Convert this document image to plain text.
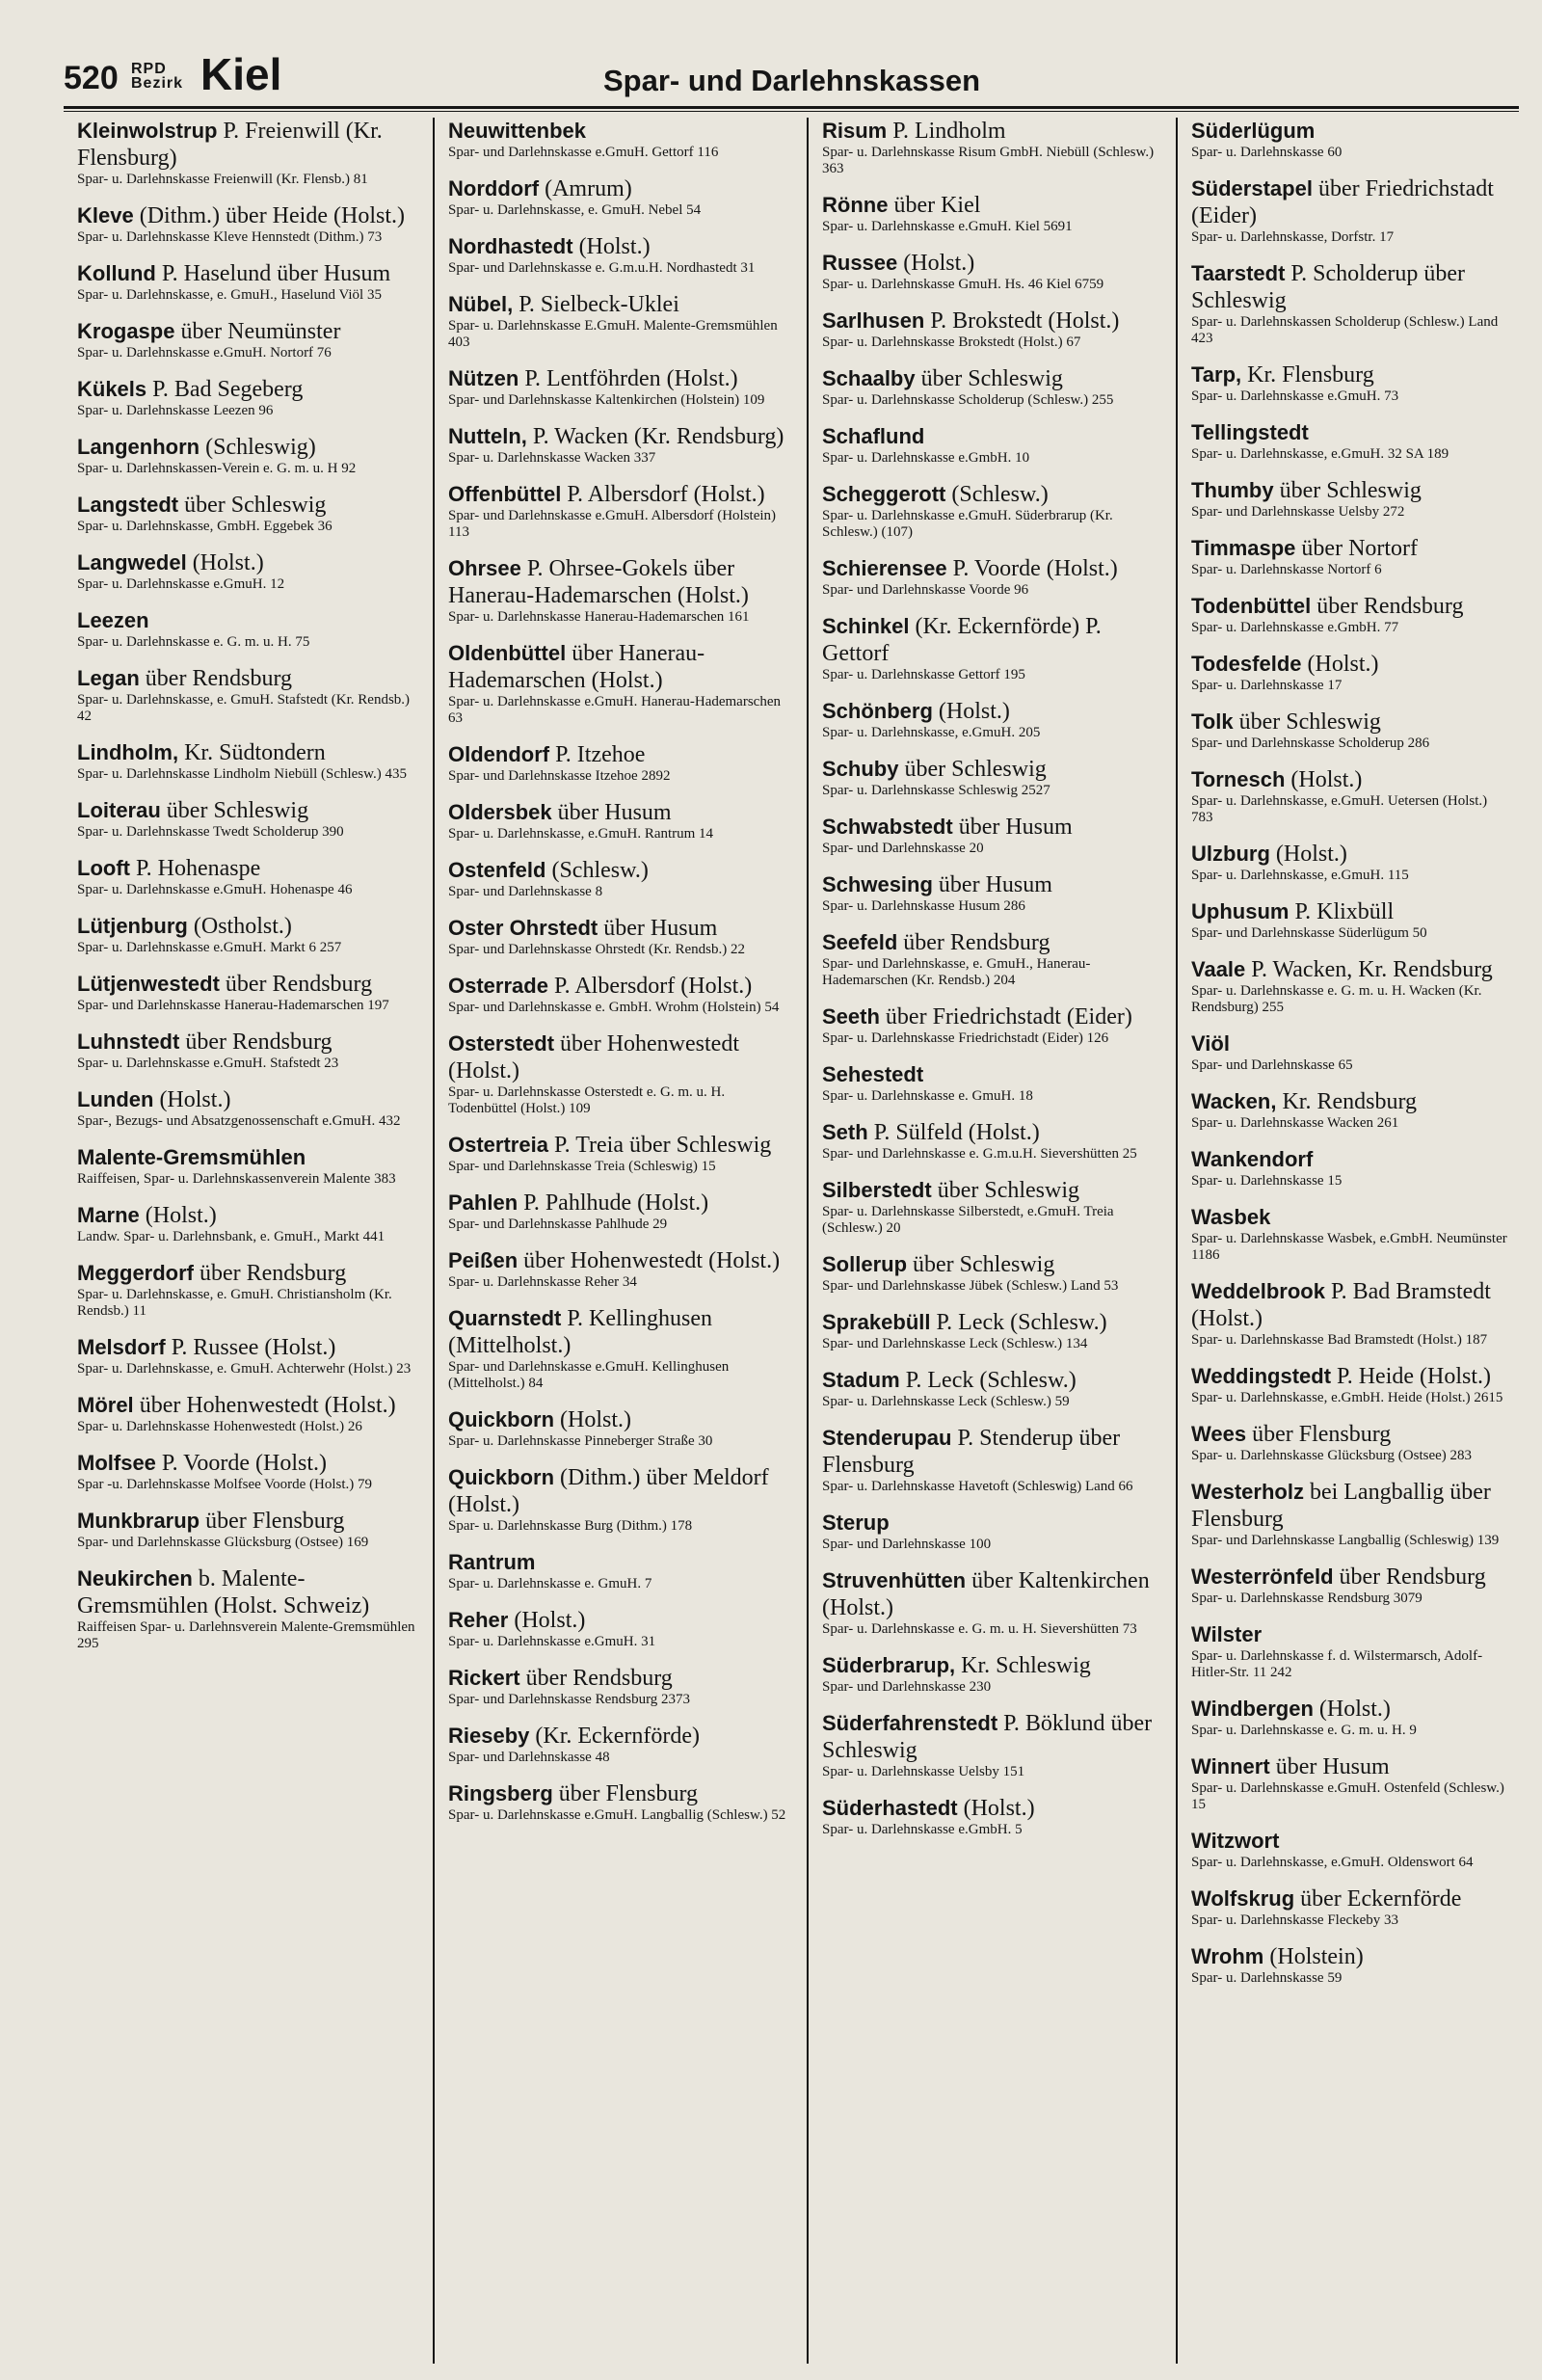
520 RPD
Bezirk Kiel	Spar- und Darlehnskassen
Kleinwolstrup P. Freienwill (Kr. Flensburg)
Spar- u. Darlehnskasse Freienwill (Kr. Flensb.) 81
Kleve (Dithm.) über Heide (Holst.)
Spar- u. Darlehnskasse Kleve Hennstedt (Dithm.) 73
Kollund P. Haselund über Husum
Spar- u. Darlehnskasse, e. GmuH., Haselund Viöl 35
Krogaspe über Neumünster
Spar- u. Darlehnskasse e.GmuH. Nortorf 76
Kükels P. Bad Segeberg
Spar- u. Darlehnskasse Leezen 96
Langenhorn (Schleswig)
Spar- u. Darlehnskassen-Verein e. G. m. u. H 92
Langstedt über Schleswig
Spar- u. Darlehnskasse, GmbH. Eggebek 36
Langwedel (Holst.)
Spar- u. Darlehnskasse e.GmuH. 12
Leezen
Spar- u. Darlehnskasse e. G. m. u. H. 75
Legan über Rendsburg
Spar- u. Darlehnskasse, e. GmuH. Stafstedt (Kr. Rendsb.) 42
Lindholm, Kr. Südtondern
Spar- u. Darlehnskasse Lindholm Niebüll (Schlesw.) 435
Loiterau über Schleswig
Spar- u. Darlehnskasse Twedt Scholderup 390
Looft P. Hohenaspe
Spar- u. Darlehnskasse e.GmuH. Hohenaspe 46
Lütjenburg (Ostholst.)
Spar- u. Darlehnskasse e.GmuH. Markt 6 257
Lütjenwestedt über Rendsburg
Spar- und Darlehnskasse Hanerau-Hademarschen 197
Luhnstedt über Rendsburg
Spar- u. Darlehnskasse e.GmuH. Stafstedt 23
Lunden (Holst.)
Spar-, Bezugs- und Absatzgenossenschaft e.GmuH. 432
Malente-Gremsmühlen
Raiffeisen, Spar- u. Darlehnskassenverein Malente 383
Marne (Holst.)
Landw. Spar- u. Darlehnsbank, e. GmuH., Markt 441
Meggerdorf über Rendsburg
Spar- u. Darlehnskasse, e. GmuH. Christiansholm (Kr. Rendsb.) 11
Melsdorf P. Russee (Holst.)
Spar- u. Darlehnskasse, e. GmuH. Achterwehr (Holst.) 23
Mörel über Hohenwestedt (Holst.)
Spar- u. Darlehnskasse Hohenwestedt (Holst.) 26
Molfsee P. Voorde (Holst.)
Spar -u. Darlehnskasse Molfsee Voorde (Holst.) 79
Munkbrarup über Flensburg
Spar- und Darlehnskasse Glücksburg (Ostsee) 169
Neukirchen b. Malente-Gremsmühlen (Holst. Schweiz)
Raiffeisen Spar- u. Darlehnsverein Malente-Gremsmühlen 295
Neuwittenbek
Spar- und Darlehnskasse e.GmuH. Gettorf 116
Norddorf (Amrum)
Spar- u. Darlehnskasse, e. GmuH. Nebel 54
Nordhastedt (Holst.)
Spar- und Darlehnskasse e. G.m.u.H. Nordhastedt 31
Nübel, P. Sielbeck-Uklei
Spar- u. Darlehnskasse E.GmuH. Malente-Gremsmühlen 403
Nützen P. Lentföhrden (Holst.)
Spar- und Darlehnskasse Kaltenkirchen (Holstein) 109
Nutteln, P. Wacken (Kr. Rendsburg)
Spar- u. Darlehnskasse Wacken 337
Offenbüttel P. Albersdorf (Holst.)
Spar- und Darlehnskasse e.GmuH. Albersdorf (Holstein) 113
Ohrsee P. Ohrsee-Gokels über Hanerau-Hademarschen (Holst.)
Spar- u. Darlehnskasse Hanerau-Hademarschen 161
Oldenbüttel über Hanerau-Hademarschen (Holst.)
Spar- u. Darlehnskasse e.GmuH. Hanerau-Hademarschen 63
Oldendorf P. Itzehoe
Spar- und Darlehnskasse Itzehoe 2892
Oldersbek über Husum
Spar- u. Darlehnskasse, e.GmuH. Rantrum 14
Ostenfeld (Schlesw.)
Spar- und Darlehnskasse 8
Oster Ohrstedt über Husum
Spar- und Darlehnskasse Ohrstedt (Kr. Rendsb.) 22
Osterrade P. Albersdorf (Holst.)
Spar- und Darlehnskasse e. GmbH. Wrohm (Holstein) 54
Osterstedt über Hohenwestedt (Holst.)
Spar- u. Darlehnskasse Osterstedt e. G. m. u. H. Todenbüttel (Holst.) 109
Ostertreia P. Treia über Schleswig
Spar- und Darlehnskasse Treia (Schleswig) 15
Pahlen P. Pahlhude (Holst.)
Spar- und Darlehnskasse Pahlhude 29
Peißen über Hohenwestedt (Holst.)
Spar- u. Darlehnskasse Reher 34
Quarnstedt P. Kellinghusen (Mittelholst.)
Spar- und Darlehnskasse e.GmuH. Kellinghusen (Mittelholst.) 84
Quickborn (Holst.)
Spar- u. Darlehnskasse Pinneberger Straße 30
Quickborn (Dithm.) über Meldorf (Holst.)
Spar- u. Darlehnskasse Burg (Dithm.) 178
Rantrum
Spar- u. Darlehnskasse e. GmuH. 7
Reher (Holst.)
Spar- u. Darlehnskasse e.GmuH. 31
Rickert über Rendsburg
Spar- und Darlehnskasse Rendsburg 2373
Rieseby (Kr. Eckernförde)
Spar- und Darlehnskasse 48
Ringsberg über Flensburg
Spar- u. Darlehnskasse e.GmuH. Langballig (Schlesw.) 52
Risum P. Lindholm
Spar- u. Darlehnskasse Risum GmbH. Niebüll (Schlesw.) 363
Rönne über Kiel
Spar- u. Darlehnskasse e.GmuH. Kiel 5691
Russee (Holst.)
Spar- u. Darlehnskasse GmuH. Hs. 46 Kiel 6759
Sarlhusen P. Brokstedt (Holst.)
Spar- u. Darlehnskasse Brokstedt (Holst.) 67
Schaalby über Schleswig
Spar- u. Darlehnskasse Scholderup (Schlesw.) 255
Schaflund
Spar- u. Darlehnskasse e.GmbH. 10
Scheggerott (Schlesw.)
Spar- u. Darlehnskasse e.GmuH. Süderbrarup (Kr. Schlesw.) (107)
Schierensee P. Voorde (Holst.)
Spar- und Darlehnskasse Voorde 96
Schinkel (Kr. Eckernförde) P. Gettorf
Spar- u. Darlehnskasse Gettorf 195
Schönberg (Holst.)
Spar- u. Darlehnskasse, e.GmuH. 205
Schuby über Schleswig
Spar- u. Darlehnskasse Schleswig 2527
Schwabstedt über Husum
Spar- und Darlehnskasse 20
Schwesing über Husum
Spar- u. Darlehnskasse Husum 286
Seefeld über Rendsburg
Spar- und Darlehnskasse, e. GmuH., Hanerau-Hademarschen (Kr. Rendsb.) 204
Seeth über Friedrichstadt (Eider)
Spar- u. Darlehnskasse Friedrichstadt (Eider) 126
Sehestedt
Spar- u. Darlehnskasse e. GmuH. 18
Seth P. Sülfeld (Holst.)
Spar- und Darlehnskasse e. G.m.u.H. Sievershütten 25
Silberstedt über Schleswig
Spar- u. Darlehnskasse Silberstedt, e.GmuH. Treia (Schlesw.) 20
Sollerup über Schleswig
Spar- und Darlehnskasse Jübek (Schlesw.) Land 53
Sprakebüll P. Leck (Schlesw.)
Spar- und Darlehnskasse Leck (Schlesw.) 134
Stadum P. Leck (Schlesw.)
Spar- u. Darlehnskasse Leck (Schlesw.) 59
Stenderupau P. Stenderup über Flensburg
Spar- u. Darlehnskasse Havetoft (Schleswig) Land 66
Sterup
Spar- und Darlehnskasse 100
Struvenhütten über Kaltenkirchen (Holst.)
Spar- u. Darlehnskasse e. G. m. u. H. Sievershütten 73
Süderbrarup, Kr. Schleswig
Spar- und Darlehnskasse 230
Süderfahrenstedt P. Böklund über Schleswig
Spar- u. Darlehnskasse Uelsby 151
Süderhastedt (Holst.)
Spar- u. Darlehnskasse e.GmbH. 5
Süderlügum
Spar- u. Darlehnskasse 60
Süderstapel über Friedrichstadt (Eider)
Spar- u. Darlehnskasse, Dorfstr. 17
Taarstedt P. Scholderup über Schleswig
Spar- u. Darlehnskassen Scholderup (Schlesw.) Land 423
Tarp, Kr. Flensburg
Spar- u. Darlehnskasse e.GmuH. 73
Tellingstedt
Spar- u. Darlehnskasse, e.GmuH. 32 SA 189
Thumby über Schleswig
Spar- und Darlehnskasse Uelsby 272
Timmaspe über Nortorf
Spar- u. Darlehnskasse Nortorf 6
Todenbüttel über Rendsburg
Spar- u. Darlehnskasse e.GmbH. 77
Todesfelde (Holst.)
Spar- u. Darlehnskasse 17
Tolk über Schleswig
Spar- und Darlehnskasse Scholderup 286
Tornesch (Holst.)
Spar- u. Darlehnskasse, e.GmuH. Uetersen (Holst.) 783
Ulzburg (Holst.)
Spar- u. Darlehnskasse, e.GmuH. 115
Uphusum P. Klixbüll
Spar- und Darlehnskasse Süderlügum 50
Vaale P. Wacken, Kr. Rendsburg
Spar- u. Darlehnskasse e. G. m. u. H. Wacken (Kr. Rendsburg) 255
Viöl
Spar- und Darlehnskasse 65
Wacken, Kr. Rendsburg
Spar- u. Darlehnskasse Wacken 261
Wankendorf
Spar- u. Darlehnskasse 15
Wasbek
Spar- u. Darlehnskasse Wasbek, e.GmbH. Neumünster 1186
Weddelbrook P. Bad Bramstedt (Holst.)
Spar- u. Darlehnskasse Bad Bramstedt (Holst.) 187
Weddingstedt P. Heide (Holst.)
Spar- u. Darlehnskasse, e.GmbH. Heide (Holst.) 2615
Wees über Flensburg
Spar- u. Darlehnskasse Glücksburg (Ostsee) 283
Westerholz bei Langballig über Flensburg
Spar- und Darlehnskasse Langballig (Schleswig) 139
Westerrönfeld über Rendsburg
Spar- u. Darlehnskasse Rendsburg 3079
Wilster
Spar- u. Darlehnskasse f. d. Wilstermarsch, Adolf-Hitler-Str. 11 242
Windbergen (Holst.)
Spar- u. Darlehnskasse e. G. m. u. H. 9
Winnert über Husum
Spar- u. Darlehnskasse e.GmuH. Ostenfeld (Schlesw.) 15
Witzwort
Spar- u. Darlehnskasse, e.GmuH. Oldenswort 64
Wolfskrug über Eckernförde
Spar- u. Darlehnskasse Fleckeby 33
Wrohm (Holstein)
Spar- u. Darlehnskasse 59
